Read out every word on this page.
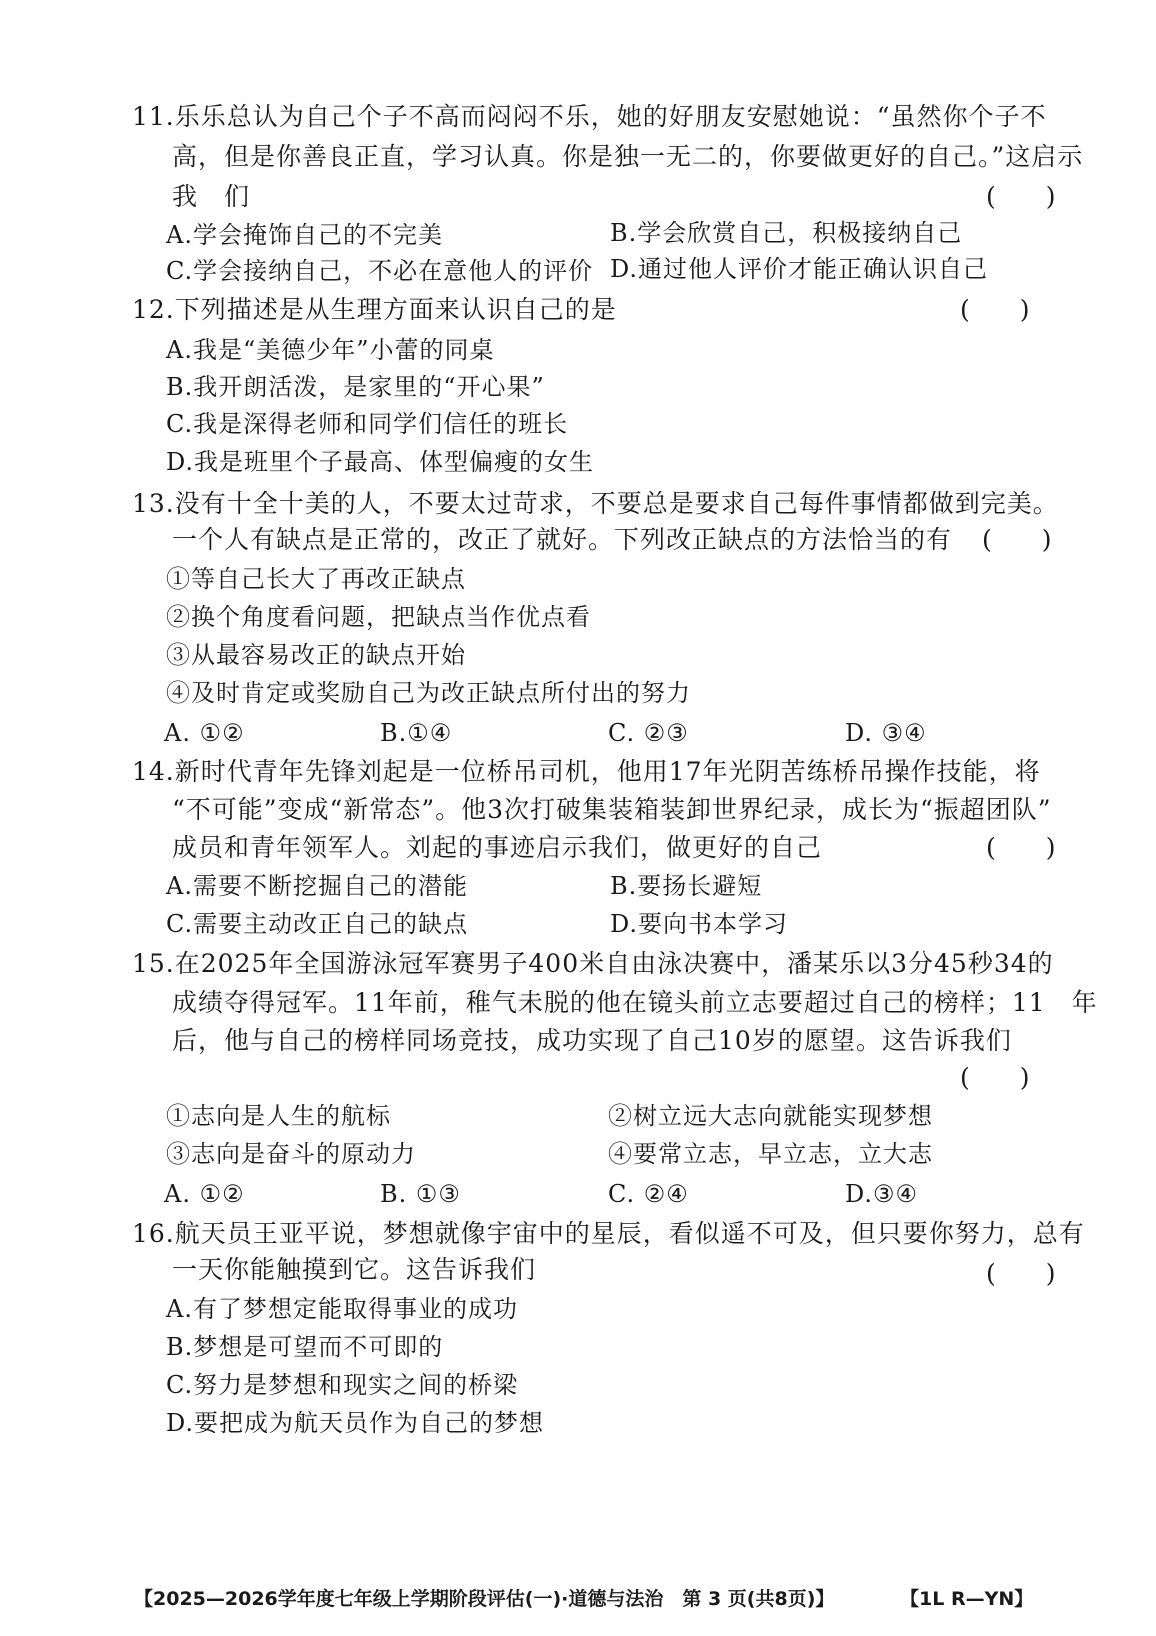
11.乐乐总认为自己个子不高而闷闷不乐，她的好朋友安慰她说：“虽然你个子不
高，但是你善良正直，学习认真。你是独一无二的，你要做更好的自己。”这启示
我　们	(　　)
A.学会掩饰自己的不完美	B.学会欣赏自己，积极接纳自己
C.学会接纳自己，不必在意他人的评价 D.通过他人评价才能正确认识自己
12.下列描述是从生理方面来认识自己的是	(　　)
A.我是“美德少年”小蕾的同桌
B.我开朗活泼，是家里的“开心果”
C.我是深得老师和同学们信任的班长
D.我是班里个子最高、体型偏瘦的女生
13.没有十全十美的人，不要太过苛求，不要总是要求自己每件事情都做到完美。
一个人有缺点是正常的，改正了就好。下列改正缺点的方法恰当的有	(　　)
①等自己长大了再改正缺点
②换个角度看问题，把缺点当作优点看
③从最容易改正的缺点开始
④及时肯定或奖励自己为改正缺点所付出的努力
A. ①②	B.①④	C. ②③	D. ③④
14.新时代青年先锋刘起是一位桥吊司机，他用17年光阴苦练桥吊操作技能，将
“不可能”变成“新常态”。他3次打破集装箱装卸世界纪录，成长为“振超团队”
成员和青年领军人。刘起的事迹启示我们，做更好的自己	(　　)
A.需要不断挖掘自己的潜能	B.要扬长避短
C.需要主动改正自己的缺点	D.要向书本学习
15.在2025年全国游泳冠军赛男子400米自由泳决赛中，潘某乐以3分45秒34的
成绩夺得冠军。11年前，稚气未脱的他在镜头前立志要超过自己的榜样；11　年
后，他与自己的榜样同场竞技，成功实现了自己10岁的愿望。这告诉我们
(　　)
①志向是人生的航标	②树立远大志向就能实现梦想
③志向是奋斗的原动力	④要常立志，早立志，立大志
A. ①②	B. ①③	C. ②④	D.③④
16.航天员王亚平说，梦想就像宇宙中的星辰，看似遥不可及，但只要你努力，总有
一天你能触摸到它。这告诉我们	(　　)
A.有了梦想定能取得事业的成功
B.梦想是可望而不可即的
C.努力是梦想和现实之间的桥梁
D.要把成为航天员作为自己的梦想
【2025—2026学年度七年级上学期阶段评估(一)·道德与法治　第 3 页(共8页)】	【1L R—YN】
